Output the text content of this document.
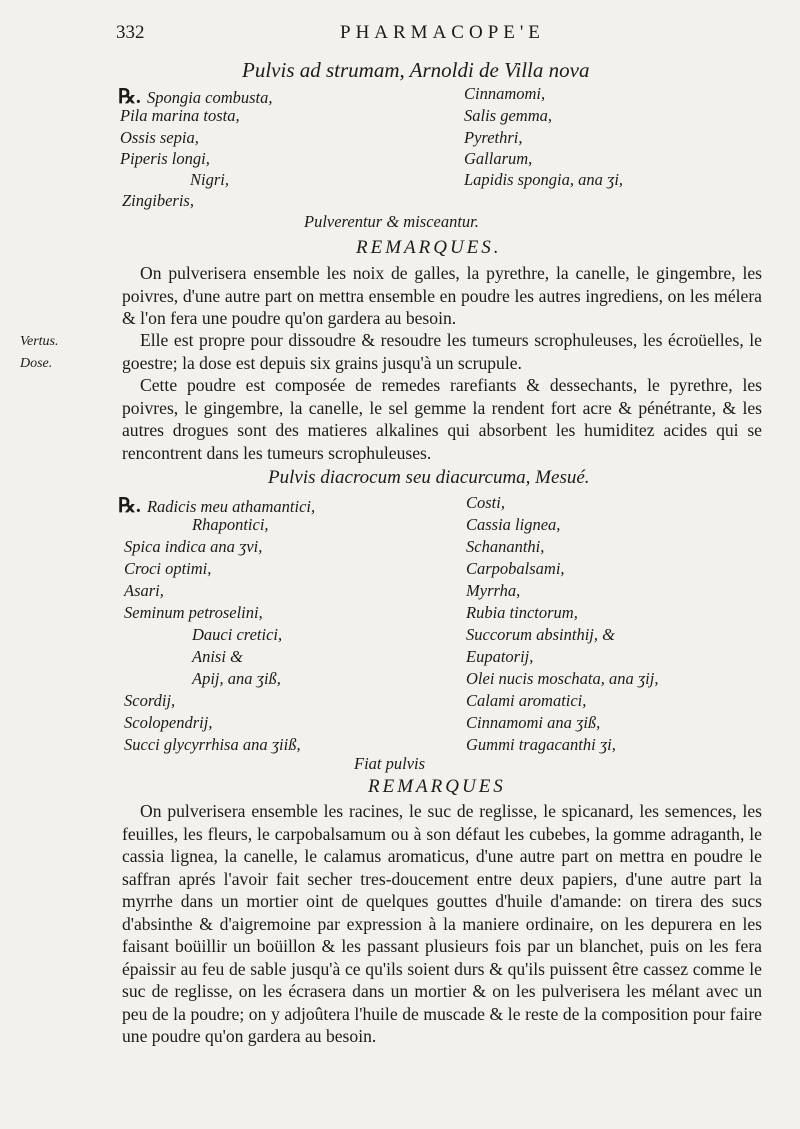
332	PHARMACOPE'E
Pulvis ad strumam, Arnoldi de Villa nova
℞. Spongia combusta,
Pila marina tosta,
Ossis sepia,
Piperis longi,
Nigri,
Zingiberis,
Cinnamomi,
Salis gemma,
Pyrethri,
Gallarum,
Lapidis spongia, ana ʒi,
Pulverentur & misceantur.
REMARQUES.
On pulverisera ensemble les noix de galles, la pyrethre, la canelle, le gingembre, les poivres, d'une autre part on mettra ensemble en poudre les autres ingrediens, on les mélera & l'on fera une poudre qu'on gardera au besoin.
Elle est propre pour dissoudre & resoudre les tumeurs scrophuleuses, les écroüelles, le goestre; la dose est depuis six grains jusqu'à un scrupule.
Cette poudre est composée de remedes rarefiants & dessechants, le pyrethre, les poivres, le gingembre, la canelle, le sel gemme la rendent fort acre & pénétrante, & les autres drogues sont des matieres alkalines qui absorbent les humiditez acides qui se rencontrent dans les tumeurs scrophuleuses.
Vertus.
Dose.
Pulvis diacrocum seu diacurcuma, Mesué.
℞. Radicis meu athamantici,
Rhapontici,
Spica indica ana ʒvi,
Croci optimi,
Asari,
Seminum petroselini,
Dauci cretici,
Anisi &
Apij, ana ʒiß,
Scordij,
Scolopendrij,
Succi glycyrrhisa ana ʒiiß,
Costi,
Cassia lignea,
Schananthi,
Carpobalsami,
Myrrha,
Rubia tinctorum,
Succorum absinthij, &
Eupatorij,
Olei nucis moschata, ana ʒij,
Calami aromatici,
Cinnamomi ana ʒiß,
Gummi tragacanthi ʒi,
Fiat pulvis
REMARQUES
On pulverisera ensemble les racines, le suc de reglisse, le spicanard, les semences, les feuilles, les fleurs, le carpobalsamum ou à son défaut les cubebes, la gomme adraganth, le cassia lignea, la canelle, le calamus aromaticus, d'une autre part on mettra en poudre le saffran aprés l'avoir fait secher tres-doucement entre deux papiers, d'une autre part la myrrhe dans un mortier oint de quelques gouttes d'huile d'amande: on tirera des sucs d'absinthe & d'aigremoine par expression à la maniere ordinaire, on les depurera en les faisant boüillir un boüillon & les passant plusieurs fois par un blanchet, puis on les fera épaissir au feu de sable jusqu'à ce qu'ils soient durs & qu'ils puissent être cassez comme le suc de reglisse, on les écrasera dans un mortier & on les pulverisera les mélant avec un peu de la poudre; on y adjoûtera l'huile de muscade & le reste de la composition pour faire une poudre qu'on gardera au besoin.
